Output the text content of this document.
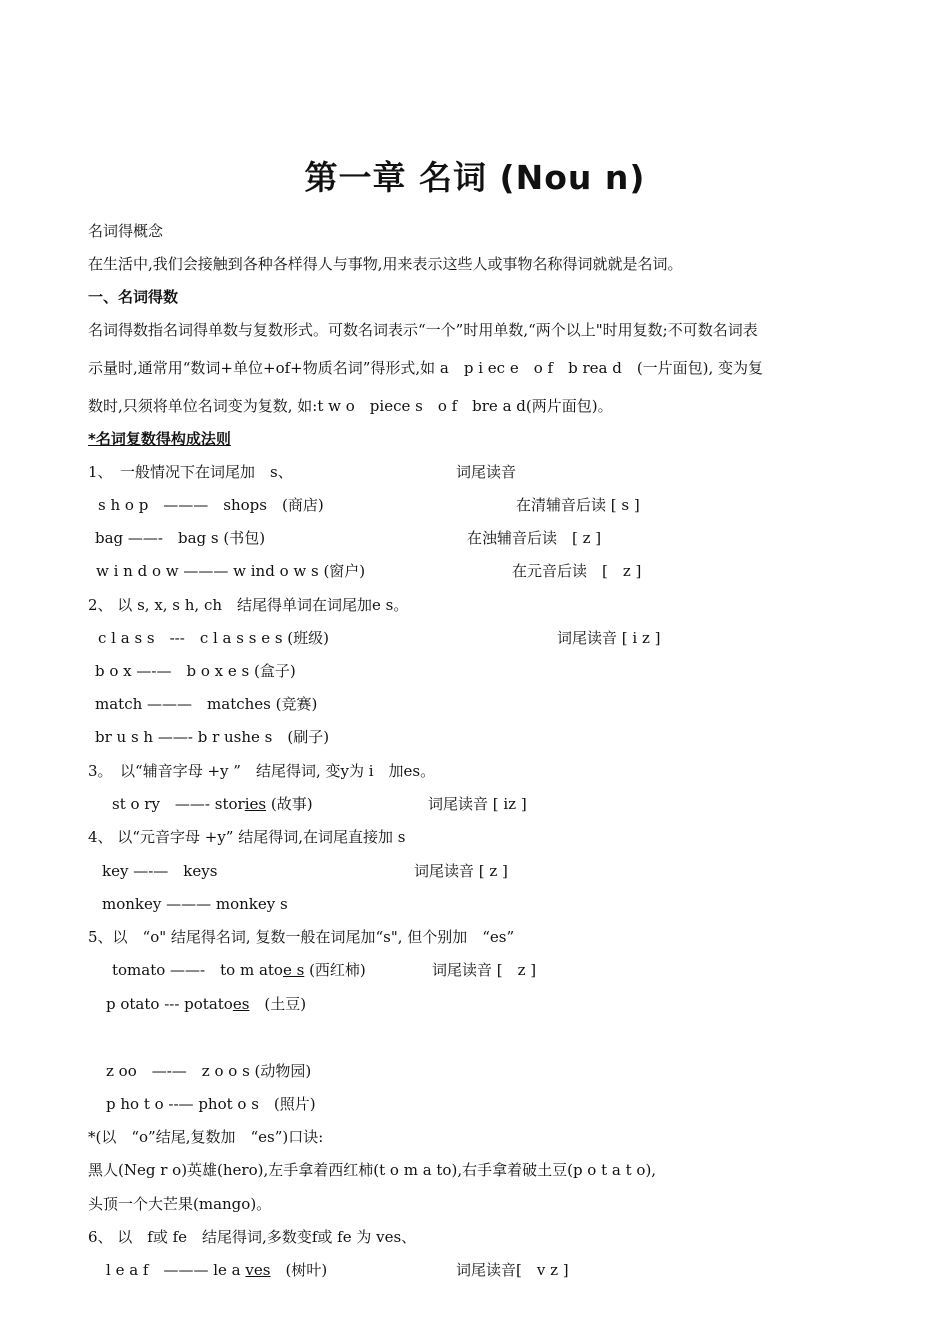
第一章 名词 (Nou n)
名词得概念
在生活中,我们会接触到各种各样得人与事物,用来表示这些人或事物名称得词就就是名词。
一、名词得数
名词得数指名词得单数与复数形式。可数名词表示“一个”时用单数,“两个以上"时用复数;不可数名词表
示量时,通常用“数词+单位+of+物质名词”得形式,如 a　p i ec e　o f　b rea d　(一片面包), 变为复
数时,只须将单位名词变为复数, 如:t w o　piece s　o f　bre a d(两片面包)。
*名词复数得构成法则
1、　一般情况下在词尾加　s、	词尾读音
s h o p　———　shops　(商店)	在清辅音后读 [ s ]
bag ——-　bag s (书包)	在浊辅音后读　[ z ]
w i n d o w ——— w ind o w s (窗户)	在元音后读　[　z ]
2、 以 s, x, s h, ch　结尾得单词在词尾加e s。
c l a s s　---　c l a s s e s (班级)	词尾读音 [ i z ]
b o x —-—　b o x e s (盒子)
match ———　matches (竞赛)
br u s h ——- b r ushe s　(刷子)
3。　以“辅音字母 +y ”　结尾得词, 变y为 i　加es。
st o ry　——- stories (故事)	词尾读音 [ iz ]
4、 以“元音字母 +y” 结尾得词,在词尾直接加 s
key —-—　keys	词尾读音 [ z ]
monkey ——— monkey s
5、以　“o" 结尾得名词, 复数一般在词尾加“s", 但个别加　“es”
tomato ——-　to m atoe s (西红柿)	词尾读音 [　z ]
p otato --- potatoes　(土豆)
z oo　—-—　z o o s (动物园)
p ho t o --— phot o s　(照片)
*(以　“o”结尾,复数加　“es”)口诀:
黑人(Neg r o)英雄(hero),左手拿着西红柿(t o m a to),右手拿着破土豆(p o t a t o),
头顶一个大芒果(mango)。
6、 以　f或 fe　结尾得词,多数变f或 fe 为 ves、
l e a f　——— le a ves　(树叶)	词尾读音[　v z ]
